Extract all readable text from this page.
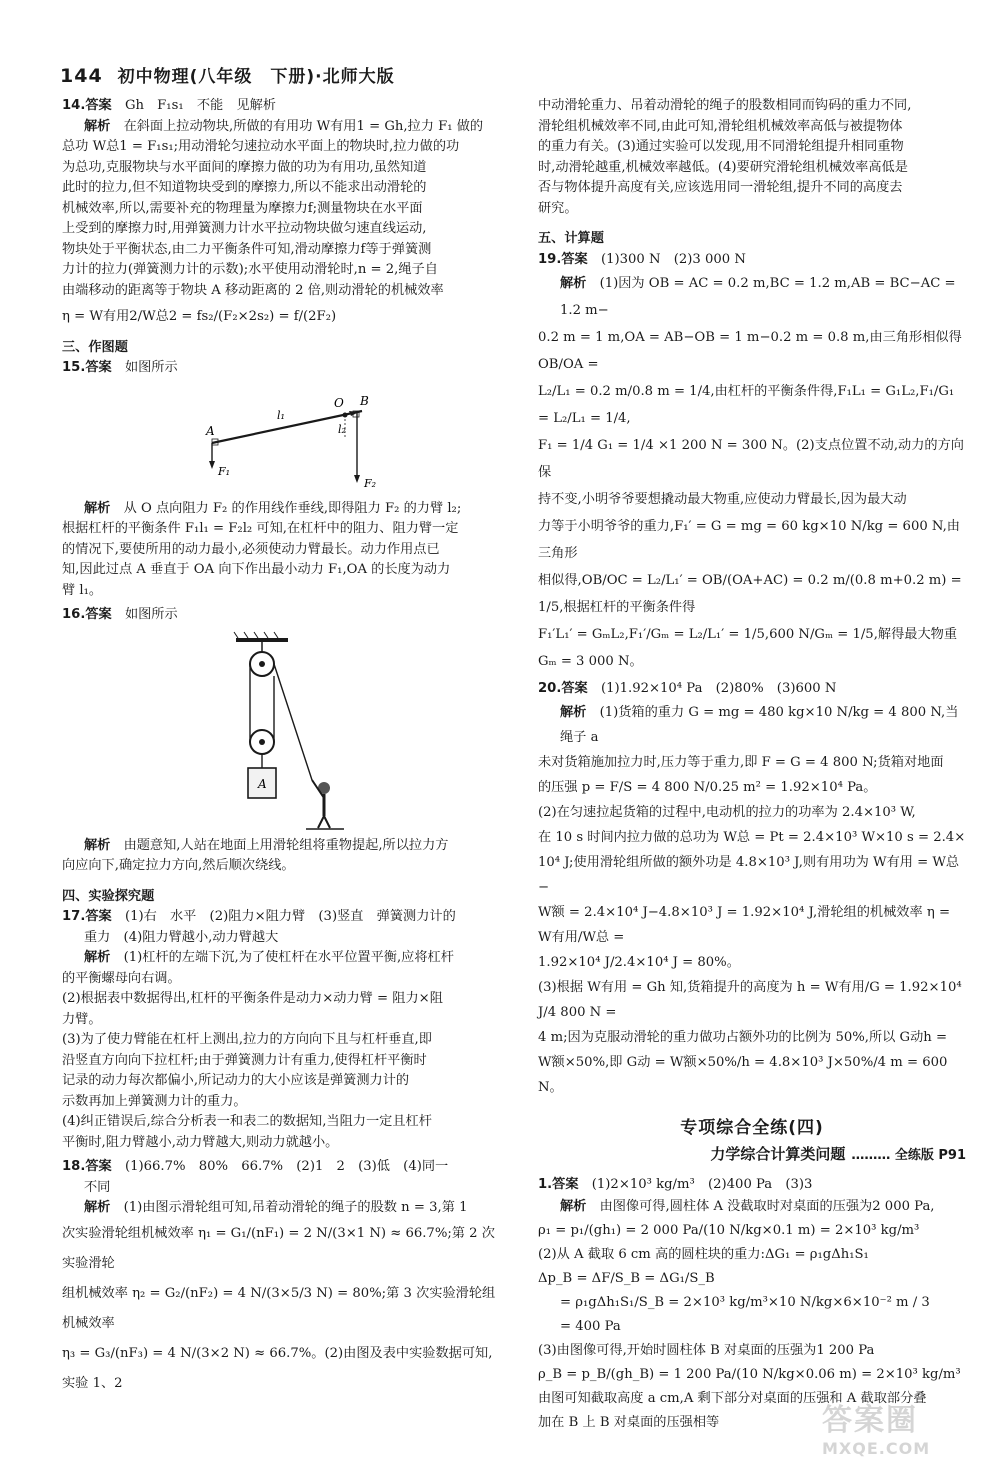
144 初中物理(八年级　下册)·北师大版

14.答案　 Gh　F₁s₁　不能　见解析

解析　 在斜面上拉动物块,所做的有用功 W有用1 = Gh,拉力 F₁ 做的

总功 W总1 = F₁s₁;用动滑轮匀速拉动水平面上的物块时,拉力做的功

为总功,克服物块与水平面间的摩擦力做的功为有用功,虽然知道

此时的拉力,但不知道物块受到的摩擦力,所以不能求出动滑轮的

机械效率,所以,需要补充的物理量为摩擦力f;测量物块在水平面

上受到的摩擦力时,用弹簧测力计水平拉动物块做匀速直线运动,

物块处于平衡状态,由二力平衡条件可知,滑动摩擦力f等于弹簧测

力计的拉力(弹簧测力计的示数);水平使用动滑轮时,n = 2,绳子自

由端移动的距离等于物块 A 移动距离的 2 倍,则动滑轮的机械效率

η = W有用2/W总2 = fs₂/(F₂×2s₂) = f/(2F₂)

三、作图题

15.答案　 如图所示

A
O B
l₁
l₂
F₁
F₂

解析　 从 O 点向阻力 F₂ 的作用线作垂线,即得阻力 F₂ 的力臂 l₂;

根据杠杆的平衡条件 F₁l₁ = F₂l₂ 可知,在杠杆中的阻力、阻力臂一定

的情况下,要使所用的动力最小,必须使动力臂最长。动力作用点已

知,因此过点 A 垂直于 OA 向下作出最小动力 F₁,OA 的长度为动力

臂 l₁。

16.答案　 如图所示

A

解析　 由题意知,人站在地面上用滑轮组将重物提起,所以拉力方

向应向下,确定拉力方向,然后顺次绕线。

四、实验探究题

17.答案　 (1)右　水平　(2)阻力×阻力臂　(3)竖直　弹簧测力计的

重力　(4)阻力臂越小,动力臂越大

解析　 (1)杠杆的左端下沉,为了使杠杆在水平位置平衡,应将杠杆

的平衡螺母向右调。

(2)根据表中数据得出,杠杆的平衡条件是动力×动力臂 = 阻力×阻

力臂。

(3)为了使力臂能在杠杆上测出,拉力的方向向下且与杠杆垂直,即

沿竖直方向向下拉杠杆;由于弹簧测力计有重力,使得杠杆平衡时

记录的动力每次都偏小,所记动力的大小应该是弹簧测力计的

示数再加上弹簧测力计的重力。

(4)纠正错误后,综合分析表一和表二的数据知,当阻力一定且杠杆

平衡时,阻力臂越小,动力臂越大,则动力就越小。

18.答案　 (1)66.7%　80%　66.7%　(2)1　2　(3)低　(4)同一

不同

解析　 (1)由图示滑轮组可知,吊着动滑轮的绳子的股数 n = 3,第 1

次实验滑轮组机械效率 η₁ = G₁/(nF₁) = 2 N/(3×1 N) ≈ 66.7%;第 2 次实验滑轮

组机械效率 η₂ = G₂/(nF₂) = 4 N/(3×5/3 N) = 80%;第 3 次实验滑轮组机械效率

η₃ = G₃/(nF₃) = 4 N/(3×2 N) ≈ 66.7%。(2)由图及表中实验数据可知,实验 1、2

中动滑轮重力、吊着动滑轮的绳子的股数相同而钩码的重力不同,

滑轮组机械效率不同,由此可知,滑轮组机械效率高低与被提物体

的重力有关。(3)通过实验可以发现,用不同滑轮组提升相同重物

时,动滑轮越重,机械效率越低。(4)要研究滑轮组机械效率高低是

否与物体提升高度有关,应该选用同一滑轮组,提升不同的高度去

研究。

五、计算题

19.答案　 (1)300 N　(2)3 000 N

解析　 (1)因为 OB = AC = 0.2 m,BC = 1.2 m,AB = BC−AC = 1.2 m−

0.2 m = 1 m,OA = AB−OB = 1 m−0.2 m = 0.8 m,由三角形相似得 OB/OA =

L₂/L₁ = 0.2 m/0.8 m = 1/4,由杠杆的平衡条件得,F₁L₁ = G₁L₂,F₁/G₁ = L₂/L₁ = 1/4,

F₁ = 1/4 G₁ = 1/4 ×1 200 N = 300 N。(2)支点位置不动,动力的方向保

持不变,小明爷爷要想撬动最大物重,应使动力臂最长,因为最大动

力等于小明爷爷的重力,F₁′ = G = mg = 60 kg×10 N/kg = 600 N,由三角形

相似得,OB/OC = L₂/L₁′ = OB/(OA+AC) = 0.2 m/(0.8 m+0.2 m) = 1/5,根据杠杆的平衡条件得

F₁′L₁′ = GₘL₂,F₁′/Gₘ = L₂/L₁′ = 1/5,600 N/Gₘ = 1/5,解得最大物重 Gₘ = 3 000 N。

20.答案　 (1)1.92×10⁴ Pa　(2)80%　(3)600 N

解析　 (1)货箱的重力 G = mg = 480 kg×10 N/kg = 4 800 N,当绳子 a

未对货箱施加拉力时,压力等于重力,即 F = G = 4 800 N;货箱对地面

的压强 p = F/S = 4 800 N/0.25 m² = 1.92×10⁴ Pa。

(2)在匀速拉起货箱的过程中,电动机的拉力的功率为 2.4×10³ W,

在 10 s 时间内拉力做的总功为 W总 = Pt = 2.4×10³ W×10 s = 2.4×

10⁴ J;使用滑轮组所做的额外功是 4.8×10³ J,则有用功为 W有用 = W总 −

W额 = 2.4×10⁴ J−4.8×10³ J = 1.92×10⁴ J,滑轮组的机械效率 η = W有用/W总 =

1.92×10⁴ J/2.4×10⁴ J = 80%。

(3)根据 W有用 = Gh 知,货箱提升的高度为 h = W有用/G = 1.92×10⁴ J/4 800 N =

4 m;因为克服动滑轮的重力做功占额外功的比例为 50%,所以 G动h =

W额×50%,即 G动 = W额×50%/h = 4.8×10³ J×50%/4 m = 600 N。

专项综合全练(四)

力学综合计算类问题 ……… 全练版 P91

1.答案　 (1)2×10³ kg/m³　(2)400 Pa　(3)3

解析　 由图像可得,圆柱体 A 没截取时对桌面的压强为2 000 Pa,

ρ₁ = p₁/(gh₁) = 2 000 Pa/(10 N/kg×0.1 m) = 2×10³ kg/m³

(2)从 A 截取 6 cm 高的圆柱块的重力:ΔG₁ = ρ₁gΔh₁S₁

Δp_B = ΔF/S_B = ΔG₁/S_B

= ρ₁gΔh₁S₁/S_B = 2×10³ kg/m³×10 N/kg×6×10⁻² m / 3

= 400 Pa

(3)由图像可得,开始时圆柱体 B 对桌面的压强为1 200 Pa

ρ_B = p_B/(gh_B) = 1 200 Pa/(10 N/kg×0.06 m) = 2×10³ kg/m³

由图可知截取高度 a cm,A 剩下部分对桌面的压强和 A 截取部分叠

加在 B 上 B 对桌面的压强相等	答案圈
MXQE.COM
